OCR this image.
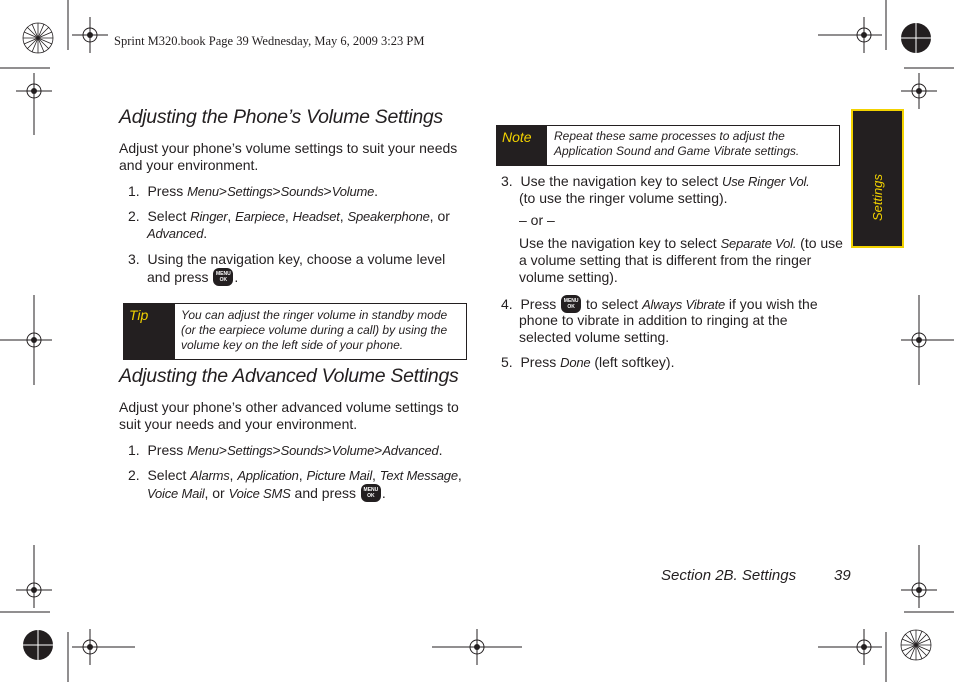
Sprint M320.book Page 39 Wednesday, May 6, 2009 3:23 PM
Settings
Adjusting the Phone’s Volume Settings

Adjust your phone’s volume settings to suit your needs and your environment.

1. Press Menu>Settings>Sounds>Volume.
2. Select Ringer, Earpiece, Headset, Speakerphone, or
Advanced.
3. Using the navigation key, choose a volume level
and press	MENU
OK .
Tip	You can adjust the ringer volume in standby mode
(or the earpiece volume during a call) by using the
volume key on the left side of your phone.
Adjusting the Advanced Volume Settings

Adjust your phone’s other advanced volume settings to suit your needs and your environment.

1. Press Menu>Settings>Sounds>Volume>Advanced.
2. Select Alarms, Application, Picture Mail, Text Message,
Voice Mail, or Voice SMS and press	MENU
OK .
Note	Repeat these same processes to adjust the
Application Sound and Game Vibrate settings.
3. Use the navigation key to select Use Ringer Vol.
(to use the ringer volume setting).
– or –
Use the navigation key to select Separate Vol. (to use
a volume setting that is different from the ringer
volume setting).
4. Press	MENU
OK to select Always Vibrate if you wish the
phone to vibrate in addition to ringing at the
selected volume setting.
5. Press Done (left softkey).
Section 2B. Settings	39
